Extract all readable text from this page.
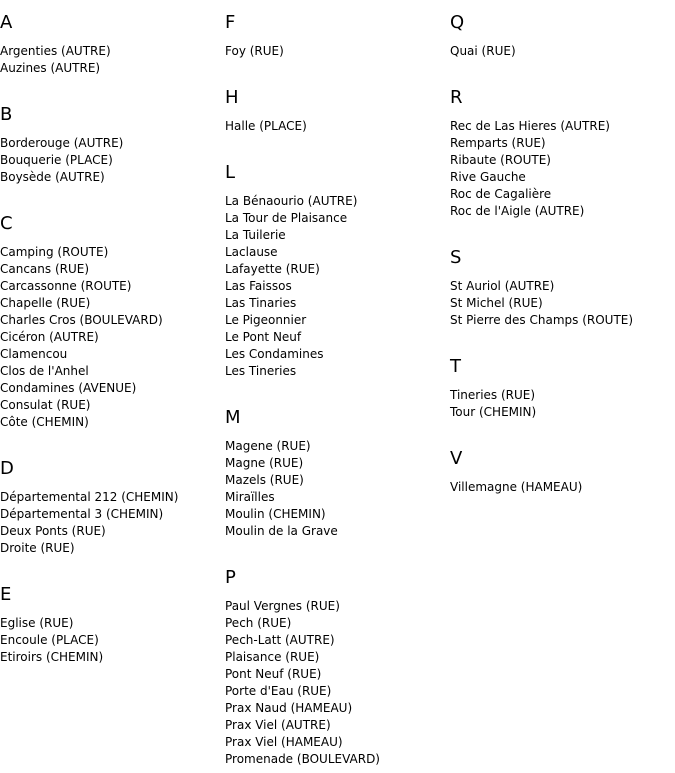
A
Argenties (AUTRE)
Auzines (AUTRE)
B
Borderouge (AUTRE)
Bouquerie (PLACE)
Boysède (AUTRE)
C
Camping (ROUTE)
Cancans (RUE)
Carcassonne (ROUTE)
Chapelle (RUE)
Charles Cros (BOULEVARD)
Cicéron (AUTRE)
Clamencou
Clos de l'Anhel
Condamines (AVENUE)
Consulat (RUE)
Côte (CHEMIN)
D
Départemental 212 (CHEMIN)
Départemental 3 (CHEMIN)
Deux Ponts (RUE)
Droite (RUE)
E
Eglise (RUE)
Encoule (PLACE)
Etiroirs (CHEMIN)
F
Foy (RUE)
H
Halle (PLACE)
L
La Bénaourio (AUTRE)
La Tour de Plaisance
La Tuilerie
Laclause
Lafayette (RUE)
Las Faissos
Las Tinaries
Le Pigeonnier
Le Pont Neuf
Les Condamines
Les Tineries
M
Magene (RUE)
Magne (RUE)
Mazels (RUE)
Miraïlles
Moulin (CHEMIN)
Moulin de la Grave
P
Paul Vergnes (RUE)
Pech (RUE)
Pech-Latt (AUTRE)
Plaisance (RUE)
Pont Neuf (RUE)
Porte d'Eau (RUE)
Prax Naud (HAMEAU)
Prax Viel (AUTRE)
Prax Viel (HAMEAU)
Promenade (BOULEVARD)
Q
Quai (RUE)
R
Rec de Las Hieres (AUTRE)
Remparts (RUE)
Ribaute (ROUTE)
Rive Gauche
Roc de Cagalière
Roc de l'Aigle (AUTRE)
S
St Auriol (AUTRE)
St Michel (RUE)
St Pierre des Champs (ROUTE)
T
Tineries (RUE)
Tour (CHEMIN)
V
Villemagne (HAMEAU)
